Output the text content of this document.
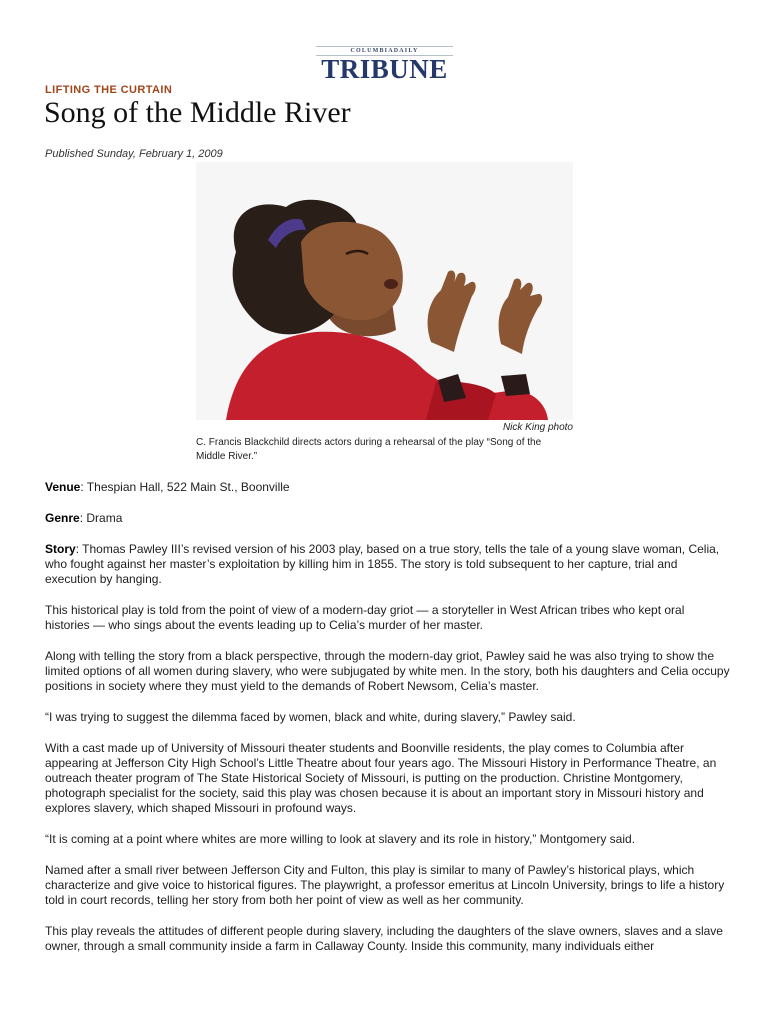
COLUMBIADAILY
TRIBUNE
LIFTING THE CURTAIN
Song of the Middle River
Published Sunday, February 1, 2009
Nick King photo
C. Francis Blackchild directs actors during a rehearsal of the play “Song of the Middle River.”

Venue: Thespian Hall, 522 Main St., Boonville

Genre: Drama

Story: Thomas Pawley III’s revised version of his 2003 play, based on a true story, tells the tale of a young slave woman, Celia, who fought against her master’s exploitation by killing him in 1855. The story is told subsequent to her capture, trial and execution by hanging.

This historical play is told from the point of view of a modern-day griot — a storyteller in West African tribes who kept oral histories — who sings about the events leading up to Celia’s murder of her master.

Along with telling the story from a black perspective, through the modern-day griot, Pawley said he was also trying to show the limited options of all women during slavery, who were subjugated by white men. In the story, both his daughters and Celia occupy positions in society where they must yield to the demands of Robert Newsom, Celia’s master.

“I was trying to suggest the dilemma faced by women, black and white, during slavery,” Pawley said.

With a cast made up of University of Missouri theater students and Boonville residents, the play comes to Columbia after appearing at Jefferson City High School’s Little Theatre about four years ago. The Missouri History in Performance Theatre, an outreach theater program of The State Historical Society of Missouri, is putting on the production. Christine Montgomery, photograph specialist for the society, said this play was chosen because it is about an important story in Missouri history and explores slavery, which shaped Missouri in profound ways.

“It is coming at a point where whites are more willing to look at slavery and its role in history,” Montgomery said.

Named after a small river between Jefferson City and Fulton, this play is similar to many of Pawley’s historical plays, which characterize and give voice to historical figures. The playwright, a professor emeritus at Lincoln University, brings to life a history told in court records, telling her story from both her point of view as well as her community.

This play reveals the attitudes of different people during slavery, including the daughters of the slave owners, slaves and a slave owner, through a small community inside a farm in Callaway County. Inside this community, many individuals either
